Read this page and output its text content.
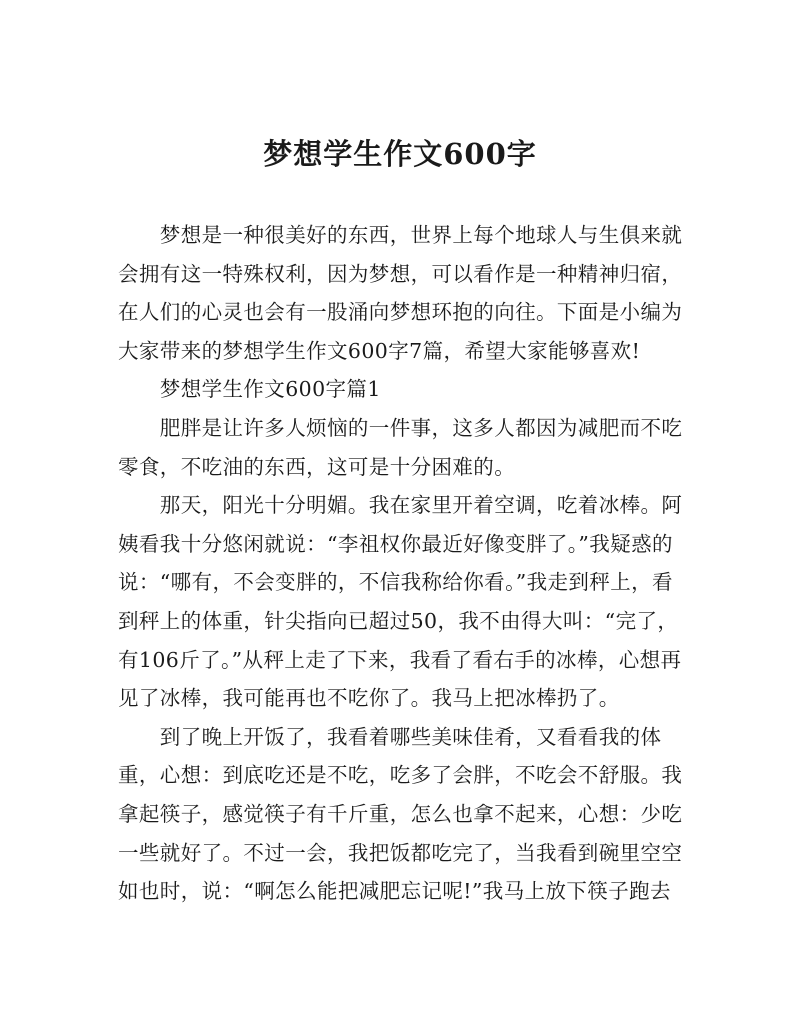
梦想学生作文600字

　　梦想是一种很美好的东西，世界上每个地球人与生俱来就会拥有这一特殊权利，因为梦想，可以看作是一种精神归宿，在人们的心灵也会有一股涌向梦想环抱的向往。下面是小编为大家带来的梦想学生作文600字7篇，希望大家能够喜欢!

　　梦想学生作文600字篇1

　　肥胖是让许多人烦恼的一件事，这多人都因为减肥而不吃零食，不吃油的东西，这可是十分困难的。

　　那天，阳光十分明媚。我在家里开着空调，吃着冰棒。阿姨看我十分悠闲就说：“李祖权你最近好像变胖了。”我疑惑的说：“哪有，不会变胖的，不信我称给你看。”我走到秤上，看到秤上的体重，针尖指向已超过50，我不由得大叫：“完了，有106斤了。”从秤上走了下来，我看了看右手的冰棒，心想再见了冰棒，我可能再也不吃你了。我马上把冰棒扔了。

　　到了晚上开饭了，我看着哪些美味佳肴，又看看我的体重，心想：到底吃还是不吃，吃多了会胖，不吃会不舒服。我拿起筷子，感觉筷子有千斤重，怎么也拿不起来，心想：少吃一些就好了。不过一会，我把饭都吃完了，当我看到碗里空空如也时，说：“啊怎么能把减肥忘记呢!”我马上放下筷子跑去
